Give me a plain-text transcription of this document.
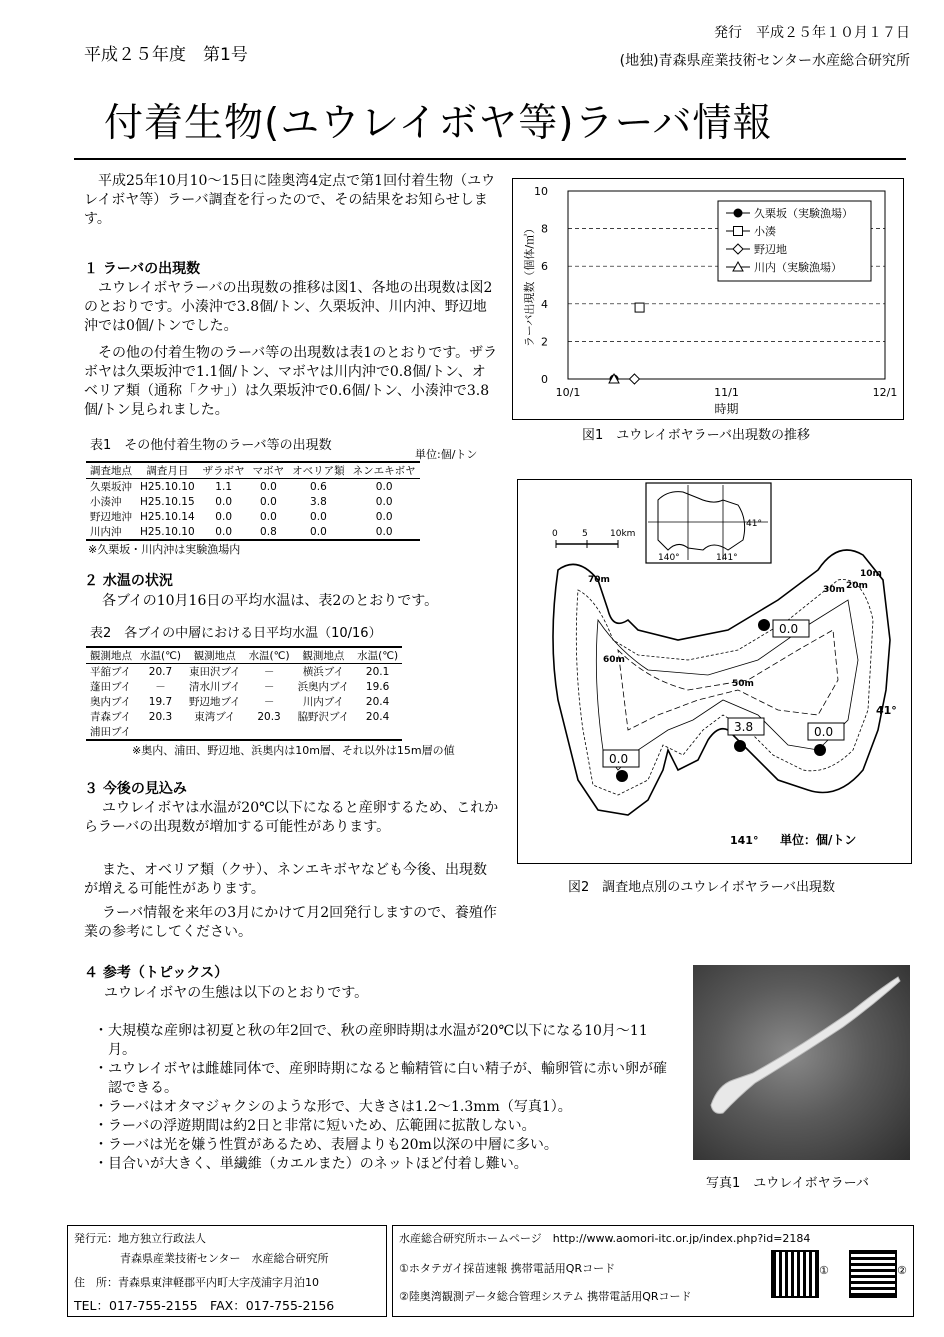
平成２５年度　第1号
発行　平成２５年１０月１７日
(地独)青森県産業技術センター水産総合研究所
付着生物(ユウレイボヤ等)ラーバ情報
平成25年10月10～15日に陸奥湾4定点で第1回付着生物（ユウレイボヤ等）ラーバ調査を行ったので、その結果をお知らせします。
１ ラーバの出現数
ユウレイボヤラーバの出現数の推移は図1、各地の出現数は図2のとおりです。小湊沖で3.8個/トン、久栗坂沖、川内沖、野辺地沖では0個/トンでした。
その他の付着生物のラーバ等の出現数は表1のとおりです。ザラボヤは久栗坂沖で1.1個/トン、マボヤは川内沖で0.8個/トン、オベリア類（通称「クサ」）は久栗坂沖で0.6個/トン、小湊沖で3.8個/トン見られました。
表1　その他付着生物のラーバ等の出現数
単位:個/トン
調査地点	調査月日	ザラボヤ	マボヤ	オベリア類	ネンエキボヤ
久栗坂沖	H25.10.10	1.1	0.0	0.6	0.0
小湊沖	H25.10.15	0.0	0.0	3.8	0.0
野辺地沖	H25.10.14	0.0	0.0	0.0	0.0
川内沖	H25.10.10	0.0	0.8	0.0	0.0
※久栗坂・川内沖は実験漁場内
２ 水温の状況
各ブイの10月16日の平均水温は、表2のとおりです。
表2　各ブイの中層における日平均水温（10/16）
観測地点	水温(℃)	観測地点	水温(℃)	観測地点	水温(℃)
平舘ブイ	20.7	東田沢ブイ	－	横浜ブイ	20.1
蓬田ブイ	－	清水川ブイ	－	浜奥内ブイ	19.6
奥内ブイ	19.7	野辺地ブイ	－	川内ブイ	20.4
青森ブイ	20.3	東湾ブイ	20.3	脇野沢ブイ	20.4
浦田ブイ					
※奥内、浦田、野辺地、浜奥内は10m層、それ以外は15m層の値
３ 今後の見込み
ユウレイボヤは水温が20℃以下になると産卵するため、これからラーバの出現数が増加する可能性があります。
また、オベリア類（クサ）、ネンエキボヤなども今後、出現数が増える可能性があります。
ラーバ情報を来年の3月にかけて月2回発行しますので、養殖作業の参考にしてください。
４ 参考（トピックス）
ユウレイボヤの生態は以下のとおりです。
・大規模な産卵は初夏と秋の年2回で、秋の産卵時期は水温が20℃以下になる10月～11月。
・ユウレイボヤは雌雄同体で、産卵時期になると輸精管に白い精子が、輸卵管に赤い卵が確認できる。
・ラーバはオタマジャクシのような形で、大きさは1.2～1.3mm（写真1）。
・ラーバの浮遊期間は約2日と非常に短いため、広範囲に拡散しない。
・ラーバは光を嫌う性質があるため、表層よりも20m以深の中層に多い。
・目合いが大きく、単繊維（カエルまた）のネットほど付着し難い。
0
2
4
6
8
10
10/1	11/1	12/1
時期
ラーバ出現数（個体/㎥）
久栗坂（実験漁場）
小湊
野辺地
川内（実験漁場）
図1　ユウレイボヤラーバ出現数の推移
41°
140°	141°
0	5 10km
70m
60m
50m
30m 20m
10m
0.0
3.8	0.0
0.0
41°
141° 単位：個/トン
図2　調査地点別のユウレイボヤラーバ出現数
写真1　ユウレイボヤラーバ
発行元：地方独立行政法人
青森県産業技術センター　水産総合研究所
住　所：青森県東津軽郡平内町大字茂浦字月泊10
TEL：017-755-2155　FAX：017-755-2156
水産総合研究所ホームページ　http://www.aomori-itc.or.jp/index.php?id=2184
①ホタテガイ採苗速報 携帯電話用QRコード
②陸奥湾観測データ総合管理システム 携帯電話用QRコード
①	②
